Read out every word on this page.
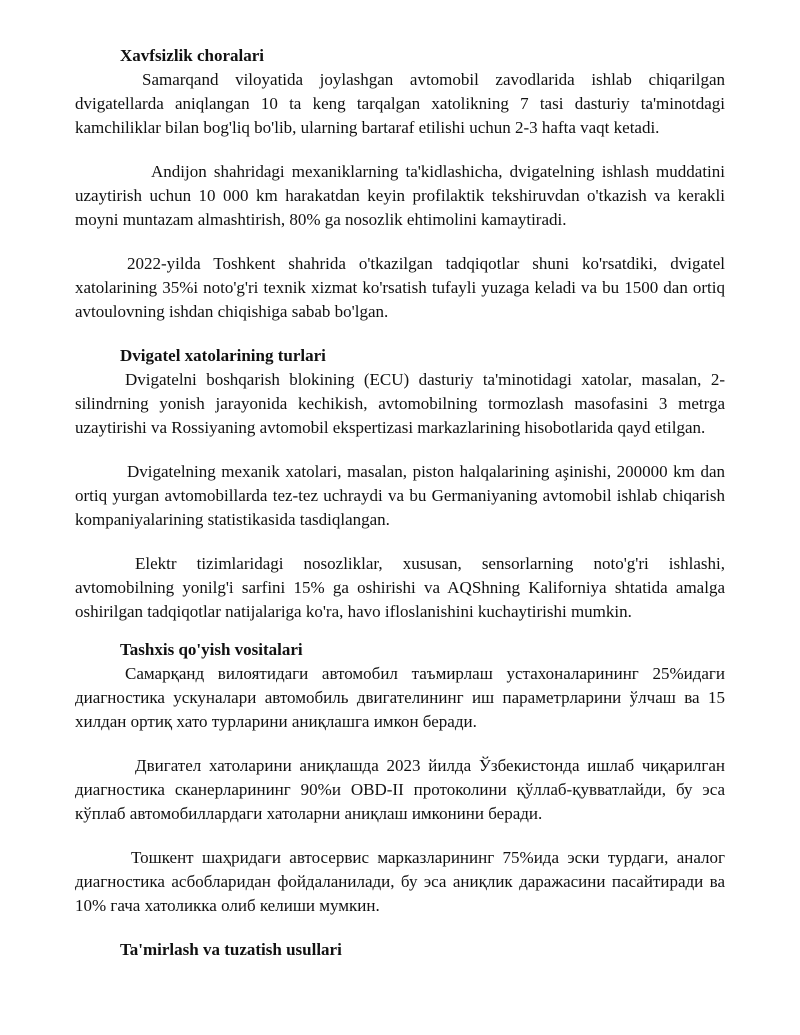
Xavfsizlik choralari

Samarqand viloyatida joylashgan avtomobil zavodlarida ishlab chiqarilgan dvigatellarda aniqlangan 10 ta keng tarqalgan xatolikning 7 tasi dasturiy ta'minotdagi kamchiliklar bilan bog'liq bo'lib, ularning bartaraf etilishi uchun 2-3 hafta vaqt ketadi.

Andijon shahridagi mexaniklarning ta'kidlashicha, dvigatelning ishlash muddatini uzaytirish uchun 10 000 km harakatdan keyin profilaktik tekshiruvdan o'tkazish va kerakli moyni muntazam almashtirish, 80% ga nosozlik ehtimolini kamaytiradi.

2022-yilda Toshkent shahrida o'tkazilgan tadqiqotlar shuni ko'rsatdiki, dvigatel xatolarining 35%i noto'g'ri texnik xizmat ko'rsatish tufayli yuzaga keladi va bu 1500 dan ortiq avtoulovning ishdan chiqishiga sabab bo'lgan.

Dvigatel xatolarining turlari

Dvigatelni boshqarish blokining (ECU) dasturiy ta'minotidagi xatolar, masalan, 2-silindrning yonish jarayonida kechikish, avtomobilning tormozlash masofasini 3 metrga uzaytirishi va Rossiyaning avtomobil ekspertizasi markazlarining hisobotlarida qayd etilgan.

Dvigatelning mexanik xatolari, masalan, piston halqalarining aşinishi, 200000 km dan ortiq yurgan avtomobillarda tez-tez uchraydi va bu Germaniyaning avtomobil ishlab chiqarish kompaniyalarining statistikasida tasdiqlangan.

Elektr tizimlaridagi nosozliklar, xususan, sensorlarning noto'g'ri ishlashi, avtomobilning yonilg'i sarfini 15% ga oshirishi va AQShning Kaliforniya shtatida amalga oshirilgan tadqiqotlar natijalariga ko'ra, havo ifloslanishini kuchaytirishi mumkin.

Tashxis qo'yish vositalari

Самарқанд вилоятидаги автомобил таъмирлаш устахоналарининг 25%идаги диагностика ускуналари автомобиль двигателининг иш параметрларини ўлчаш ва 15 хилдан ортиқ хато турларини аниқлашга имкон беради.

Двигател хатоларини аниқлашда 2023 йилда Ўзбекистонда ишлаб чиқарилган диагностика сканерларининг 90%и OBD-II протоколини қўллаб-қувватлайди, бу эса кўплаб автомобиллардаги хатоларни аниқлаш имконини беради.

Тошкент шаҳридаги автосервис марказларининг 75%ида эски турдаги, аналог диагностика асбобларидан фойдаланилади, бу эса аниқлик даражасини пасайтиради ва 10% гача хатоликка олиб келиши мумкин.

Ta'mirlash va tuzatish usullari
